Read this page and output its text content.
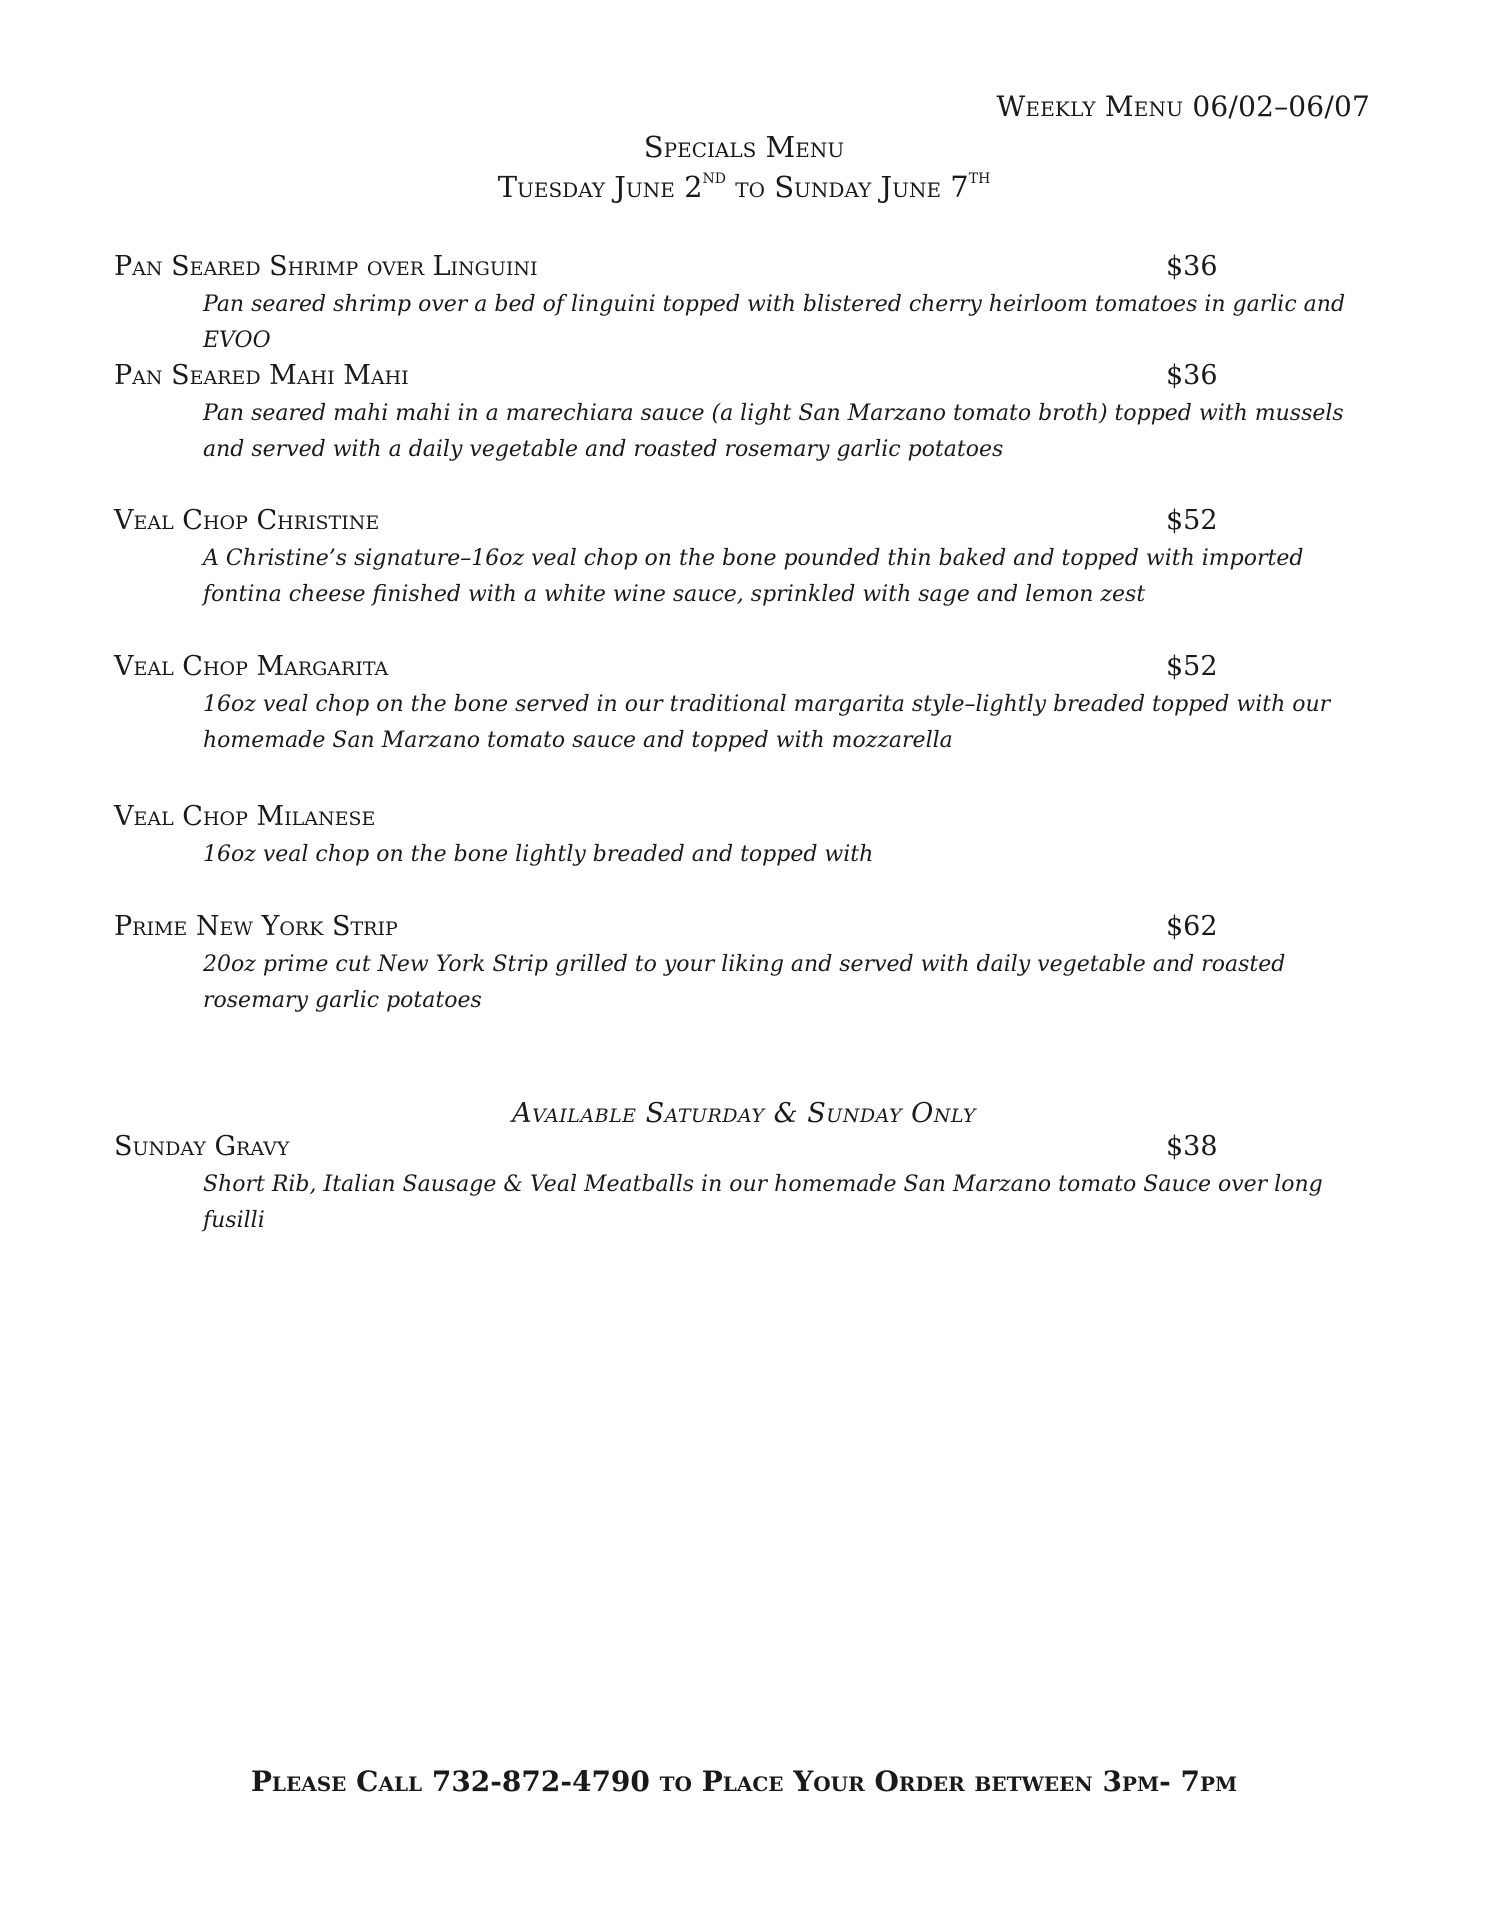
Weekly Menu 06/02–06/07
Specials Menu
Tuesday June 2ND to Sunday June 7TH
Pan Seared Shrimp over Linguini	$36
Pan seared shrimp over a bed of linguini topped with blistered cherry heirloom tomatoes in garlic and EVOO
Pan Seared Mahi Mahi	$36
Pan seared mahi mahi in a marechiara sauce (a light San Marzano tomato broth) topped with mussels and served with a daily vegetable and roasted rosemary garlic potatoes
Veal Chop Christine	$52
A Christine’s signature–16oz veal chop on the bone pounded thin baked and topped with imported fontina cheese finished with a white wine sauce, sprinkled with sage and lemon zest
Veal Chop Margarita	$52
16oz veal chop on the bone served in our traditional margarita style–lightly breaded topped with our homemade San Marzano tomato sauce and topped with mozzarella
Veal Chop Milanese
16oz veal chop on the bone lightly breaded and topped with
Prime New York Strip	$62
20oz prime cut New York Strip grilled to your liking and served with daily vegetable and roasted rosemary garlic potatoes
Available Saturday & Sunday Only
Sunday Gravy	$38
Short Rib, Italian Sausage & Veal Meatballs in our homemade San Marzano tomato Sauce over long fusilli
Please Call 732-872-4790 to Place Your Order between 3pm- 7pm
